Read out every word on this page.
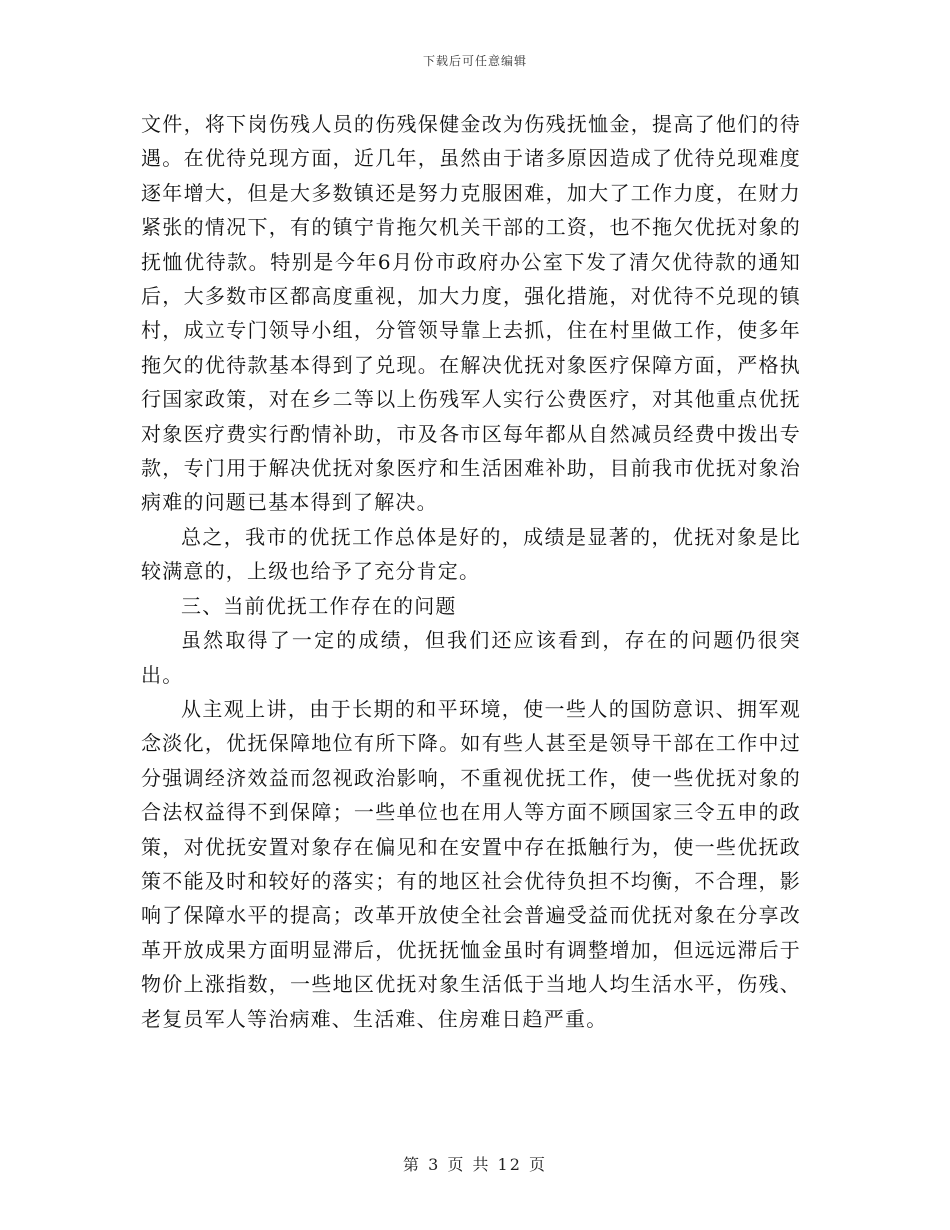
下载后可任意编辑

文件，将下岗伤残人员的伤残保健金改为伤残抚恤金，提高了他们的待遇。在优待兑现方面，近几年，虽然由于诸多原因造成了优待兑现难度逐年增大，但是大多数镇还是努力克服困难，加大了工作力度，在财力紧张的情况下，有的镇宁肯拖欠机关干部的工资，也不拖欠优抚对象的抚恤优待款。特别是今年6月份市政府办公室下发了清欠优待款的通知后，大多数市区都高度重视，加大力度，强化措施，对优待不兑现的镇村，成立专门领导小组，分管领导靠上去抓，住在村里做工作，使多年拖欠的优待款基本得到了兑现。在解决优抚对象医疗保障方面，严格执行国家政策，对在乡二等以上伤残军人实行公费医疗，对其他重点优抚对象医疗费实行酌情补助，市及各市区每年都从自然减员经费中拨出专款，专门用于解决优抚对象医疗和生活困难补助，目前我市优抚对象治病难的问题已基本得到了解决。

总之，我市的优抚工作总体是好的，成绩是显著的，优抚对象是比较满意的，上级也给予了充分肯定。

三、当前优抚工作存在的问题

虽然取得了一定的成绩，但我们还应该看到，存在的问题仍很突出。

从主观上讲，由于长期的和平环境，使一些人的国防意识、拥军观念淡化，优抚保障地位有所下降。如有些人甚至是领导干部在工作中过分强调经济效益而忽视政治影响，不重视优抚工作，使一些优抚对象的合法权益得不到保障；一些单位也在用人等方面不顾国家三令五申的政策，对优抚安置对象存在偏见和在安置中存在抵触行为，使一些优抚政策不能及时和较好的落实；有的地区社会优待负担不均衡，不合理，影响了保障水平的提高；改革开放使全社会普遍受益而优抚对象在分享改革开放成果方面明显滞后，优抚抚恤金虽时有调整增加，但远远滞后于物价上涨指数，一些地区优抚对象生活低于当地人均生活水平，伤残、老复员军人等治病难、生活难、住房难日趋严重。

第 3 页 共 12 页
